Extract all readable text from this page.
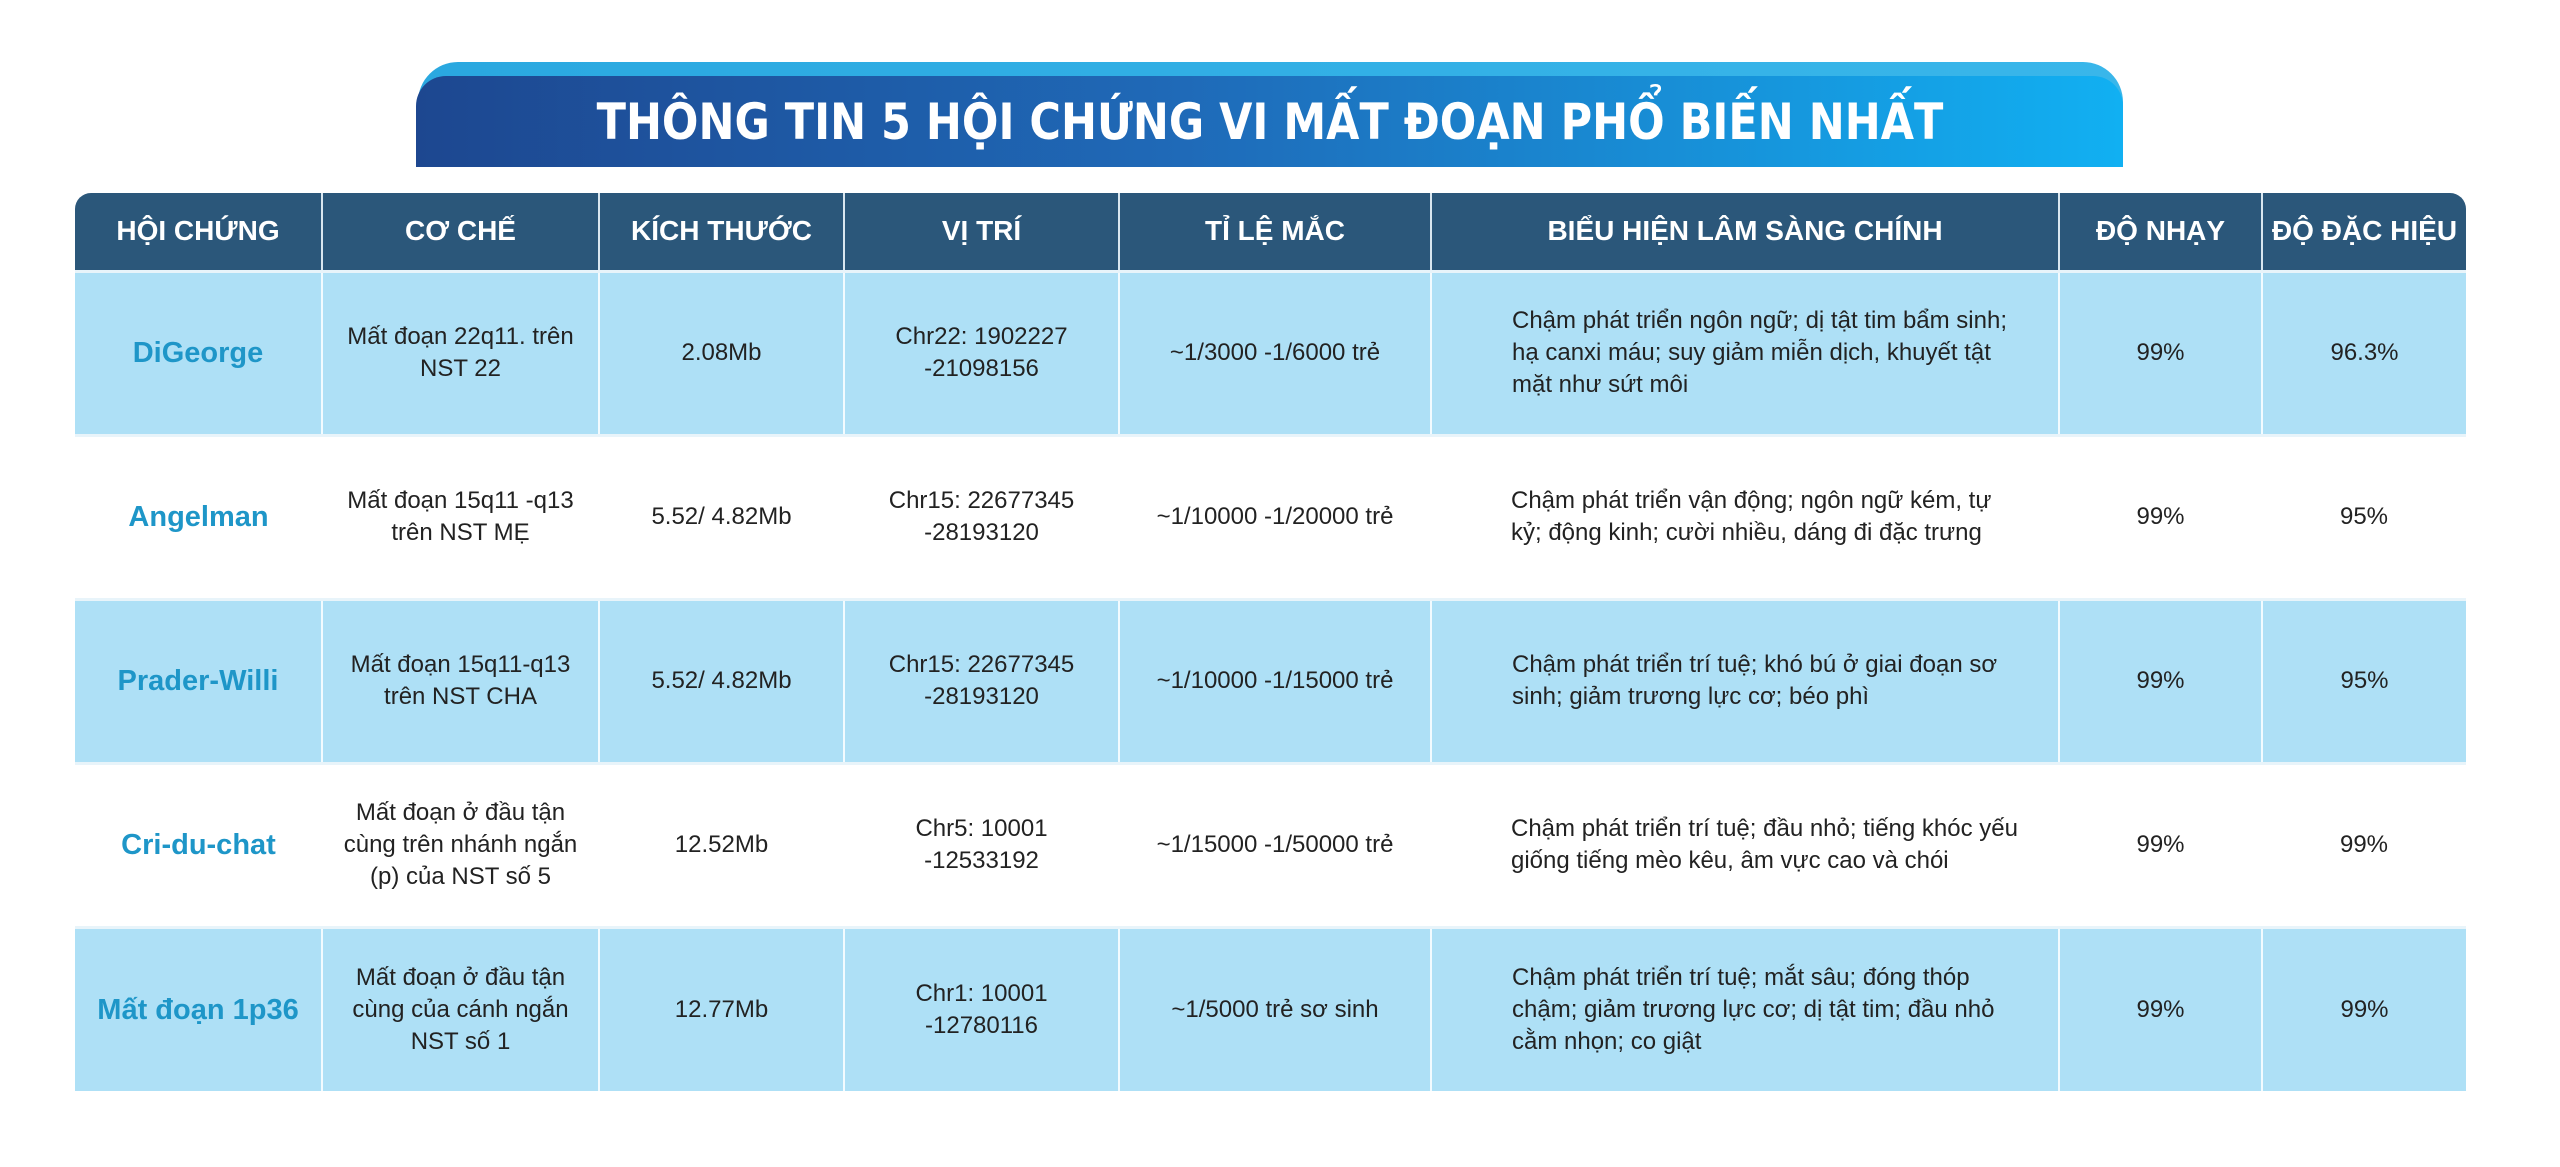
THÔNG TIN 5 HỘI CHỨNG VI MẤT ĐOẠN PHỔ BIẾN NHẤT
HỘI CHỨNG	CƠ CHẾ	KÍCH THƯỚC	VỊ TRÍ	TỈ LỆ MẮC	BIỂU HIỆN LÂM SÀNG CHÍNH	ĐỘ NHẠY	ĐỘ ĐẶC HIỆU
DiGeorge	Mất đoạn 22q11. trên NST 22	2.08Mb	Chr22: 1902227 -21098156	~1/3000 -1/6000 trẻ	Chậm phát triển ngôn ngữ; dị tật tim bẩm sinh; hạ canxi máu; suy giảm miễn dịch, khuyết tật mặt như sứt môi	99%	96.3%
Angelman	Mất đoạn 15q11 -q13 trên NST MẸ	5.52/ 4.82Mb	Chr15: 22677345 -28193120	~1/10000 -1/20000 trẻ	Chậm phát triển vận động; ngôn ngữ kém, tự kỷ; động kinh; cười nhiều, dáng đi đặc trưng	99%	95%
Prader-Willi	Mất đoạn 15q11-q13 trên NST CHA	5.52/ 4.82Mb	Chr15: 22677345 -28193120	~1/10000 -1/15000 trẻ	Chậm phát triển trí tuệ; khó bú ở giai đoạn sơ sinh; giảm trương lực cơ; béo phì	99%	95%
Cri-du-chat	Mất đoạn ở đầu tận cùng trên nhánh ngắn (p) của NST số 5	12.52Mb	Chr5: 10001 -12533192	~1/15000 -1/50000 trẻ	Chậm phát triển trí tuệ; đầu nhỏ; tiếng khóc yếu giống tiếng mèo kêu, âm vực cao và chói	99%	99%
Mất đoạn 1p36	Mất đoạn ở đầu tận cùng của cánh ngắn NST số 1	12.77Mb	Chr1: 10001 -12780116	~1/5000 trẻ sơ sinh	Chậm phát triển trí tuệ; mắt sâu; đóng thóp chậm; giảm trương lực cơ; dị tật tim; đầu nhỏ cằm nhọn; co giật	99%	99%
